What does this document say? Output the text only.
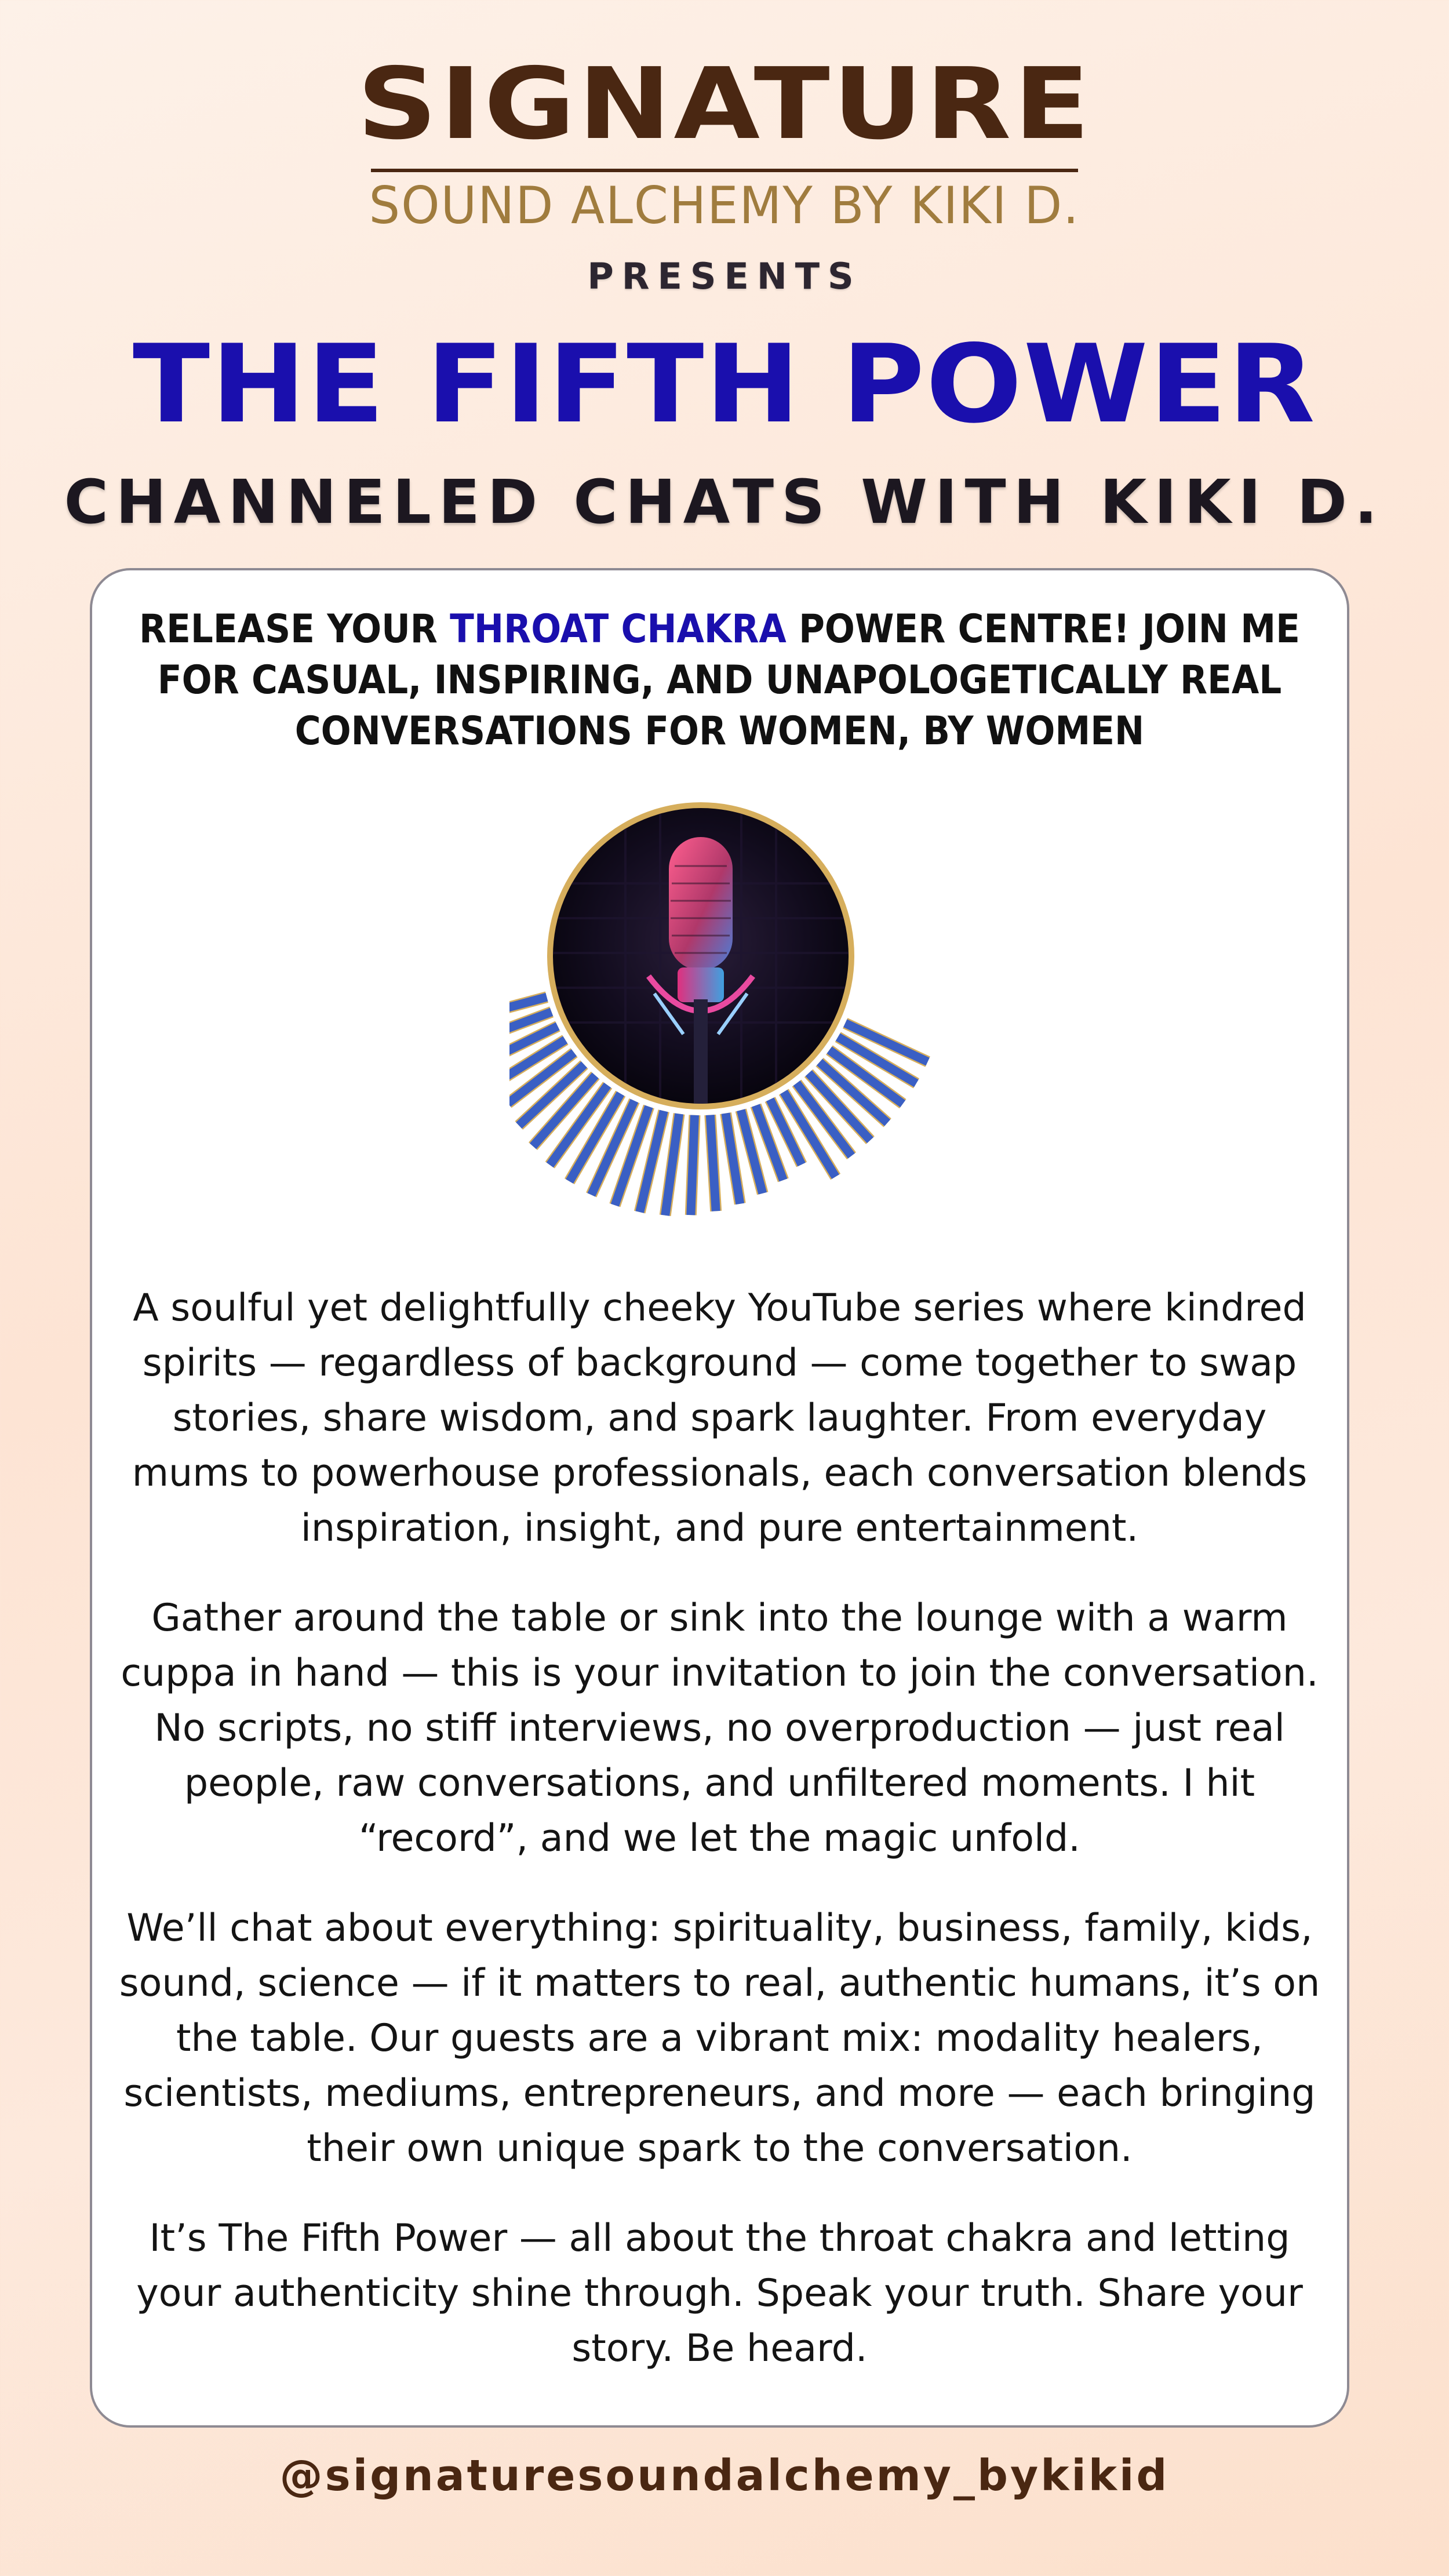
SIGNATURE
SOUND ALCHEMY BY KIKI D.
PRESENTS
THE FIFTH POWER
CHANNELED CHATS WITH KIKI D.
RELEASE YOUR THROAT CHAKRA POWER CENTRE! JOIN ME FOR CASUAL, INSPIRING, AND UNAPOLOGETICALLY REAL CONVERSATIONS FOR WOMEN, BY WOMEN

A soulful yet delightfully cheeky YouTube series where kindred spirits — regardless of background — come together to swap stories, share wisdom, and spark laughter. From everyday mums to powerhouse professionals, each conversation blends inspiration, insight, and pure entertainment.

Gather around the table or sink into the lounge with a warm cuppa in hand — this is your invitation to join the conversation. No scripts, no stiff interviews, no overproduction — just real people, raw conversations, and unfiltered moments. I hit “record”, and we let the magic unfold.

We’ll chat about everything: spirituality, business, family, kids, sound, science — if it matters to real, authentic humans, it’s on the table. Our guests are a vibrant mix: modality healers, scientists, mediums, entrepreneurs, and more — each bringing their own unique spark to the conversation.

It’s The Fifth Power — all about the throat chakra and letting your authenticity shine through. Speak your truth. Share your story. Be heard.

@signaturesoundalchemy_bykikid
